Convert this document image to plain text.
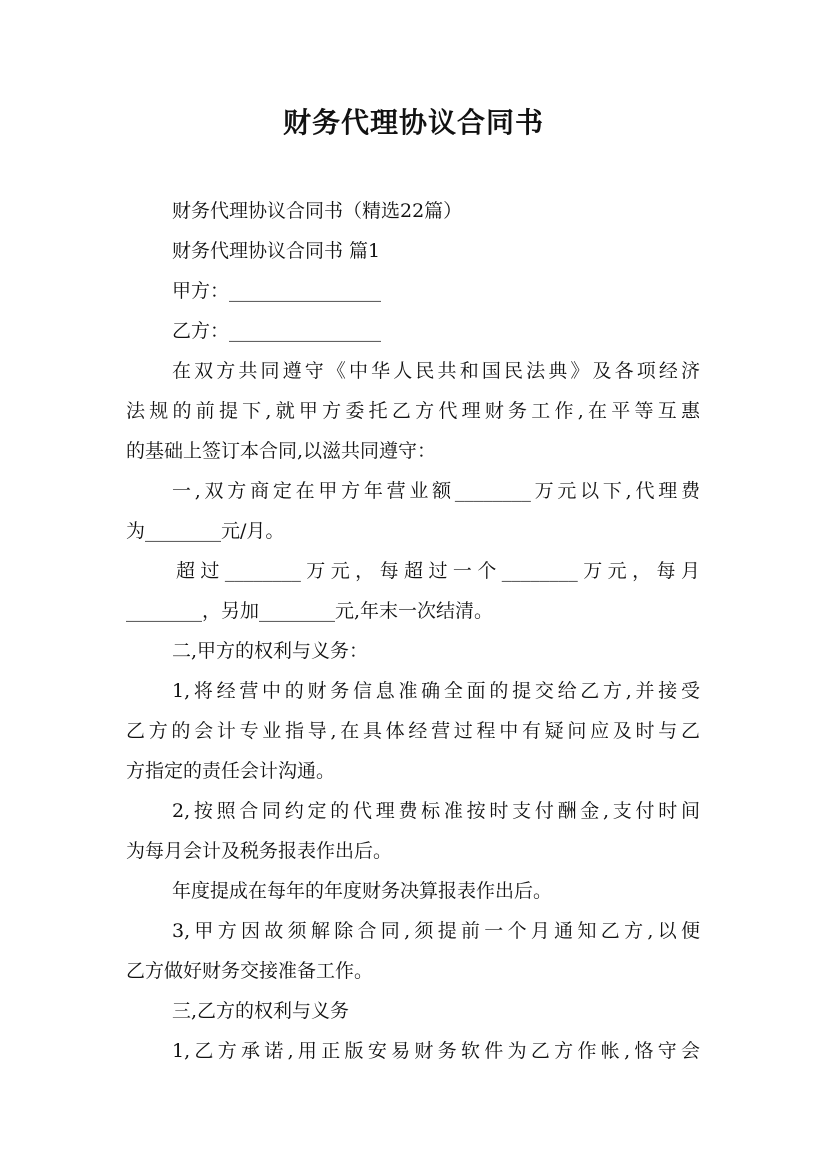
财务代理协议合同书
财务代理协议合同书（精选22篇）
财务代理协议合同书 篇1
甲方：________________
乙方：________________
在双方共同遵守《中华人民共和国民法典》及各项经济
法规的前提下,就甲方委托乙方代理财务工作,在平等互惠
的基础上签订本合同,以滋共同遵守：
一,双方商定在甲方年营业额________万元以下,代理费
为________元/月。
超过________万元，每超过一个________万元，每月
________，另加________元,年末一次结清。
二,甲方的权利与义务：
1,将经营中的财务信息准确全面的提交给乙方,并接受
乙方的会计专业指导,在具体经营过程中有疑问应及时与乙
方指定的责任会计沟通。
2,按照合同约定的代理费标准按时支付酬金,支付时间
为每月会计及税务报表作出后。
年度提成在每年的年度财务决算报表作出后。
3,甲方因故须解除合同,须提前一个月通知乙方,以便
乙方做好财务交接准备工作。
三,乙方的权利与义务
1,乙方承诺,用正版安易财务软件为乙方作帐,恪守会
